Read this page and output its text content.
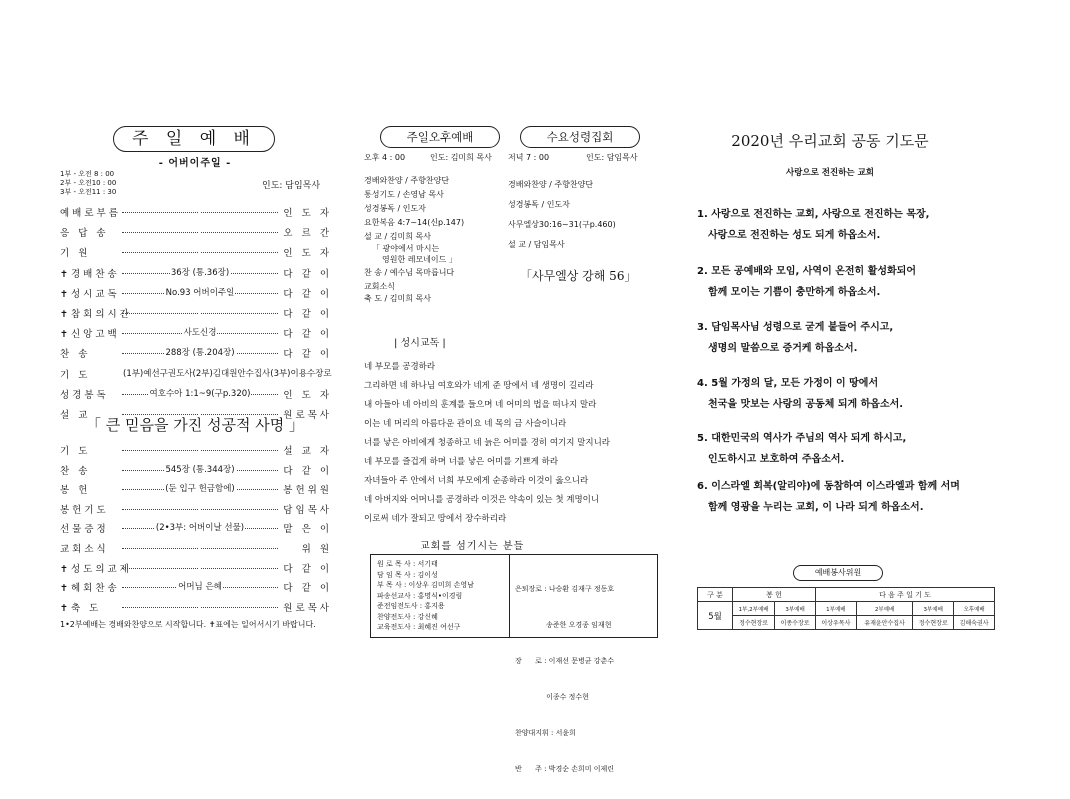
주 일 예 배
- 어버이주일 -
1부 - 오전 8 : 00
2부 - 오전10 : 00
3부 - 오전11 : 30
인도: 담임목사
예배로부름	인 도 자
응 답 송	오 르 간
기 원	인 도 자
✝경배찬송	36장 (통.36장)	다 같 이
✝성시교독	No.93 어버이주일	다 같 이
✝참회의시간	다 같 이
✝신앙고백	사도신경	다 같 이
찬 송	288장 (통.204장)	다 같 이
기 도	(1부)예선구권도사(2부)김대원안수집사(3부)이용수장로
성경봉독	여호수아 1:1~9(구p.320)	인 도 자
설 교	원로목사
「 큰 믿음을 가진 성공적 사명 」
기 도	설 교 자
찬 송	545장 (통.344장)	다 같 이
봉 헌	(둔 입구 헌금함에)	봉헌위원
봉헌기도	담임목사
선물증정	(2•3부: 어버이날 선물)	맡 은 이
교회소식	위 원
✝성도의교제	다 같 이
✝헤회찬송	어머님 은혜	다 같 이
✝축 도	원로목사
1•2부예배는 경배와찬양으로 시작합니다. ✝표에는 일어서시기 바랍니다.
주일오후예배	수요성령집회
오후 4 : 00	인도: 김미희 목사 저녁 7 : 00	인도: 담임목사
경배와찬양 / 주향찬양단
통성기도 / 손영남 목사
성경봉독 / 인도자
요한복음 4:7~14(신p.147)
설 교 / 김미희 목사
「 광야에서 마시는
영원한 레모네이드 」
찬 송 / 예수님 목마릅니다
교회소식
축 도 / 김미희 목사
경배와찬양 / 주향찬양단
성경봉독 / 인도자
사무엘상30:16~31(구p.460)
설 교 / 담임목사
「사무엘상 강해 56」
| 성시교독 |
네 부모를 공경하라
그리하면 네 하나님 여호와가 네게 준 땅에서 네 생명이 길리라
내 아들아 네 아비의 훈계를 들으며 네 어미의 법을 떠나지 말라
이는 네 머리의 아름다운 관이요 네 목의 금 사슬이니라
너를 낳은 아비에게 청종하고 네 늙은 어미를 경히 여기지 말지니라
네 부모를 즐겁게 하며 너를 낳은 어미를 기쁘게 하라
자녀들아 주 안에서 너희 부모에게 순종하라 이것이 옳으니라
네 아버지와 어머니를 공경하라 이것은 약속이 있는 첫 계명이니
이로써 네가 잘되고 땅에서 장수하리라
교회를 섬기시는 분들
원 로 목 사 : 서기태
담 임 목 사 : 김이성
부 목 사 : 이상우 김미희 손영남
파송선교사 : 홍명식•이경림
준전임전도사 : 홍지용
찬양전도사 : 강신혜
교육전도사 : 최혜진 여선구

은퇴장로 : 나승환 김재구 정동호

송준한 오경종 임재현

장      로 : 이재선 문병균 강춘수

이종수 정수현

찬양대지휘 : 서윤희

반      주 : 박경순 손희미 이제린

2020년 우리교회 공동 기도문
사랑으로 전진하는 교회
1. 사랑으로 전진하는 교회, 사랑으로 전진하는 목장,
사랑으로 전진하는 성도 되게 하옵소서.
2. 모든 공예배와 모임, 사역이 온전히 활성화되어
함께 모이는 기쁨이 충만하게 하옵소서.
3. 담임목사님 성령으로 굳게 붙들어 주시고,
생명의 말씀으로 증거케 하옵소서.
4. 5월 가정의 달, 모든 가정이 이 땅에서
천국을 맛보는 사랑의 공동체 되게 하옵소서.
5. 대한민국의 역사가 주님의 역사 되게 하시고,
인도하시고 보호하여 주옵소서.
6. 이스라엘 회복(알리야)에 동참하여 이스라엘과 함께 서며
함께 영광을 누리는 교회, 이 나라 되게 하옵소서.
예배봉사위원
구 분	봉 헌		다 음 주 일 기 도			
5월	1부,2부예배	3부예배	1부예배	2부예배	3부예배	오후예배
	정수현장로	이종수장로	이상우목사	유재윤안수집사	정수현장로	김해숙권사
